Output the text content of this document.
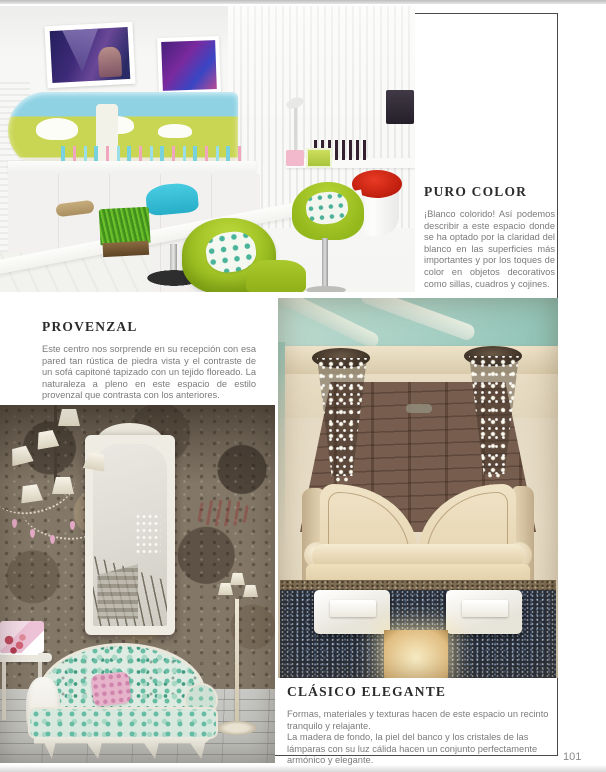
PURO COLOR

¡Blanco colorido! Así podemos describir a este espacio donde se ha optado por la claridad del blanco en las superficies más importantes y por los toques de color en objetos decorativos como sillas, cuadros y cojines.

PROVENZAL

Este centro nos sorprende en su recepción con esa pared tan rústica de piedra vista y el contraste de un sofá capitoné tapizado con un tejido floreado. La naturaleza a pleno en este espacio de estilo provenzal que contrasta con los anteriores.

CLÁSICO ELEGANTE

Formas, materiales y texturas hacen de este espacio un recinto tranquilo y relajante.

La madera de fondo, la piel del banco y los cristales de las lámparas con su luz cálida hacen un conjunto perfectamente armónico y elegante.	101
